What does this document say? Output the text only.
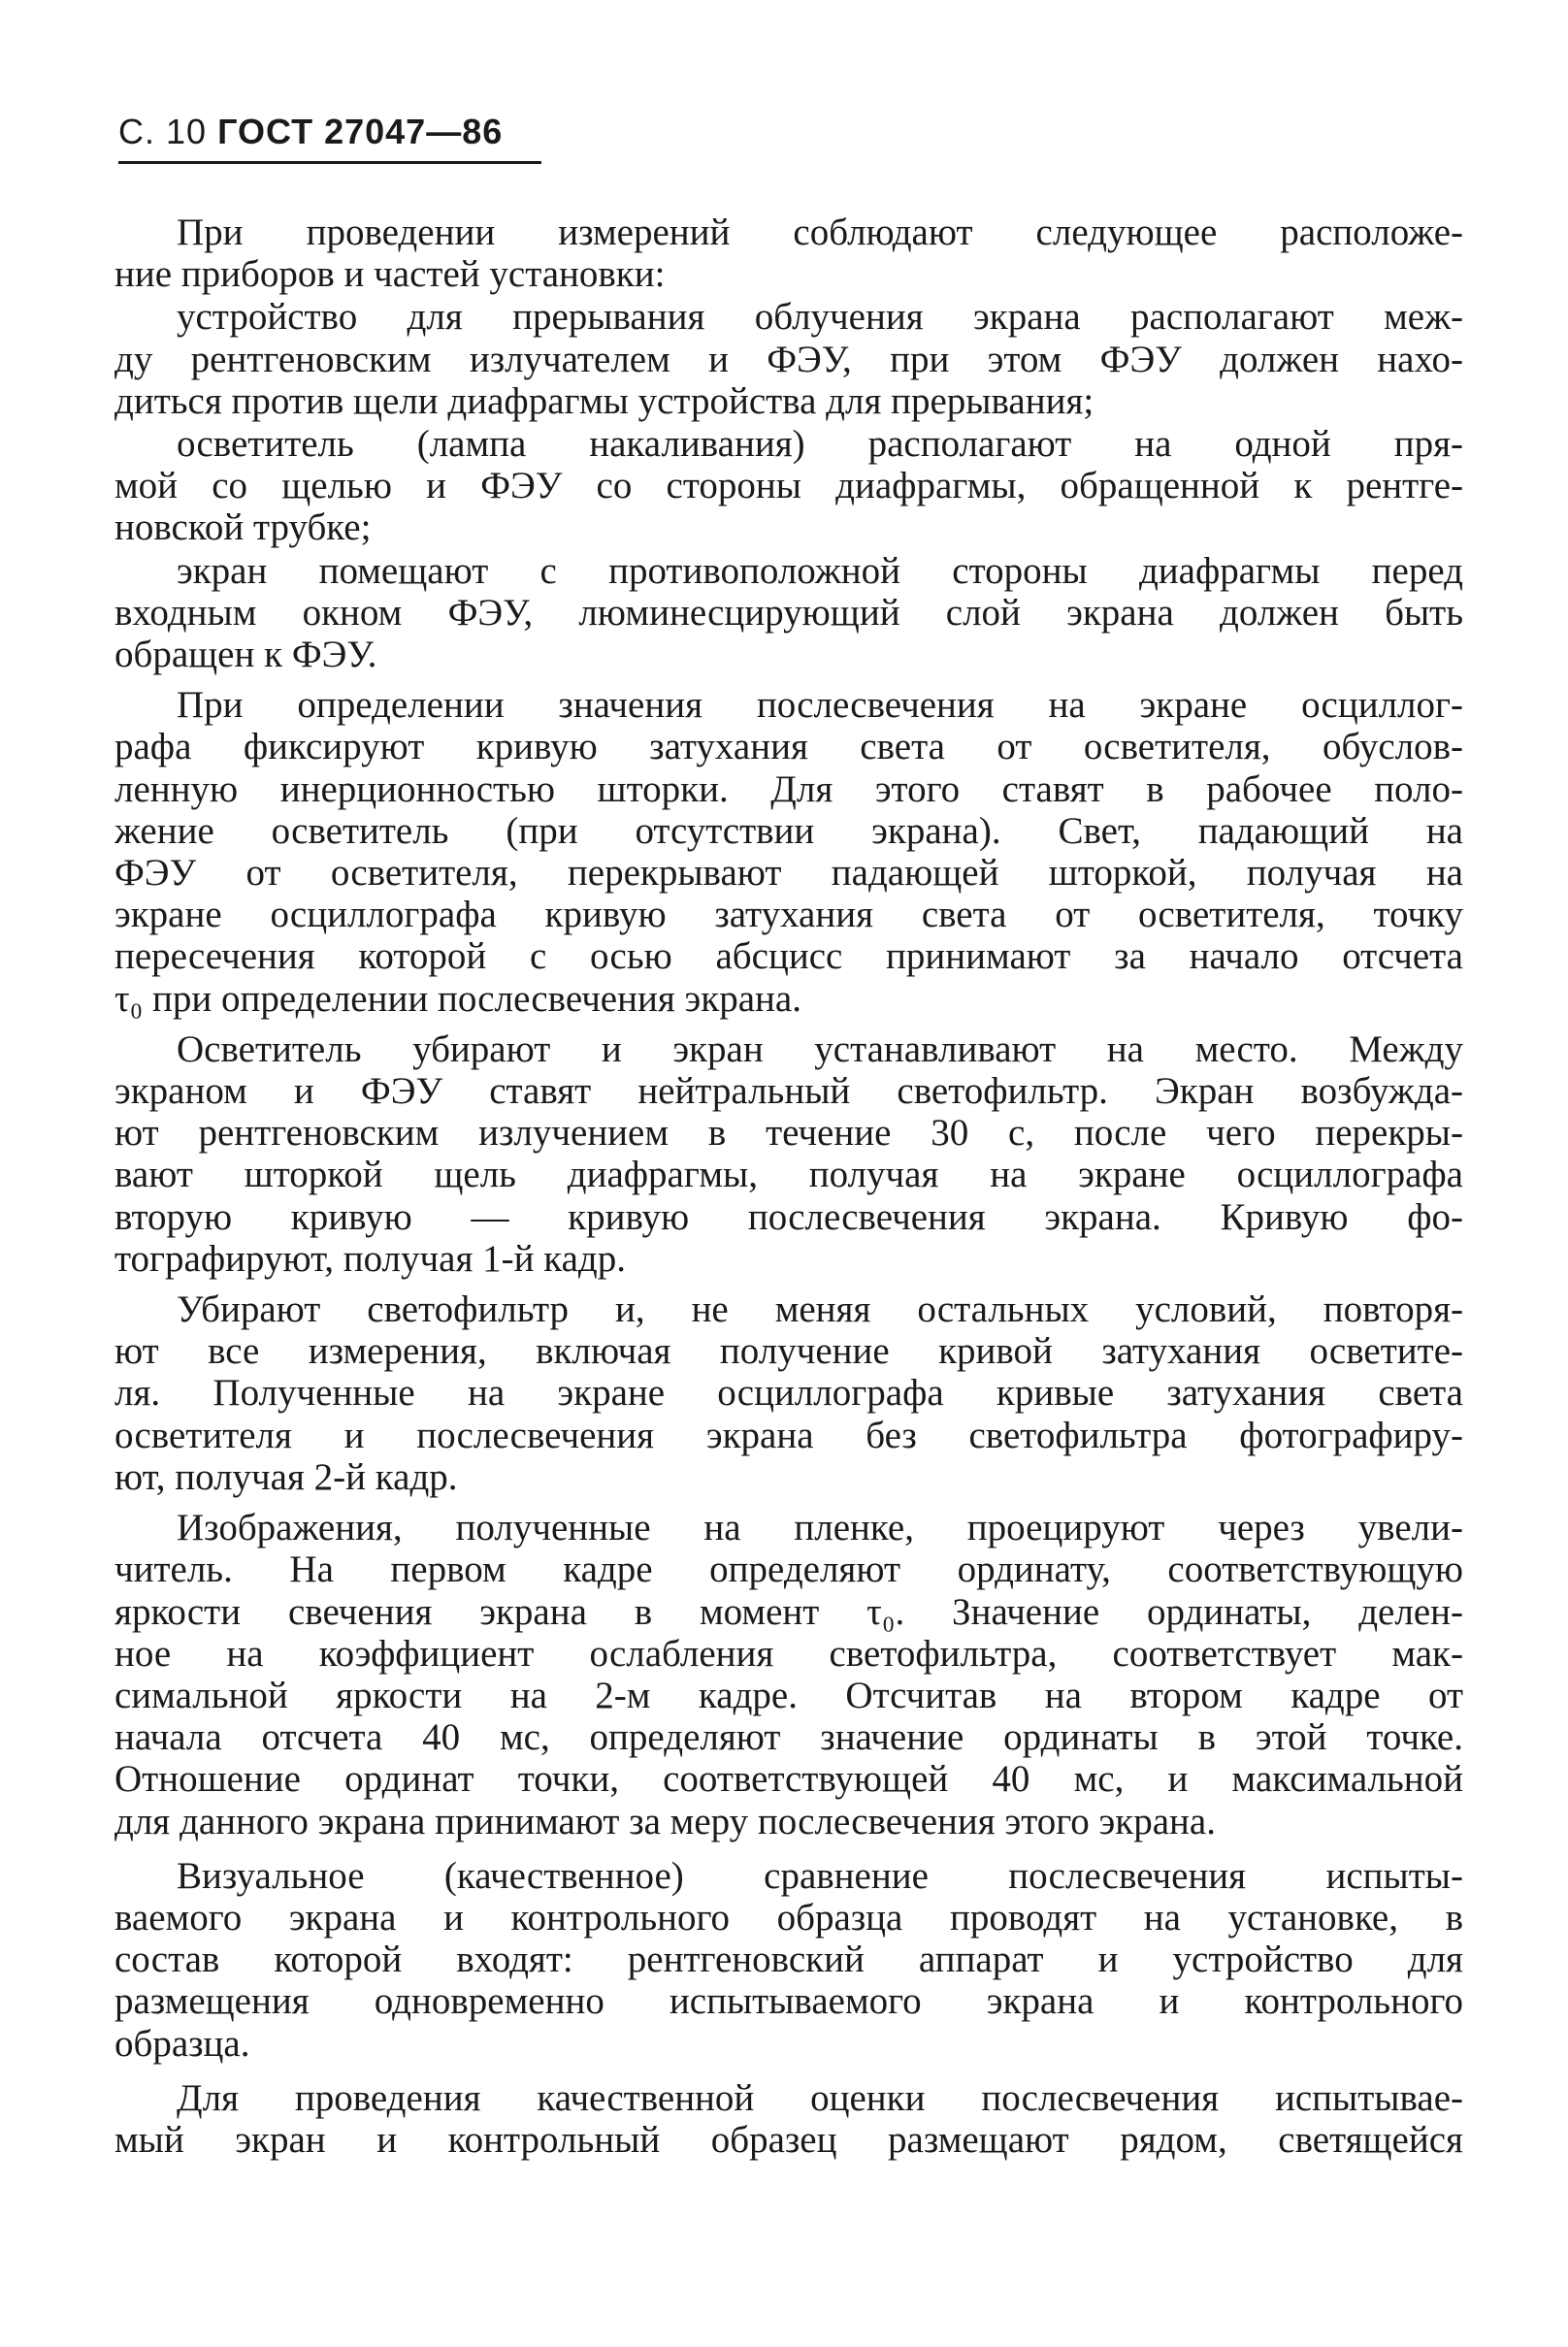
С. 10 ГОСТ 27047—86
При проведении измерений соблюдают следующее расположе-
ние приборов и частей установки:
устройство для прерывания облучения экрана располагают меж-
ду рентгеновским излучателем и ФЭУ, при этом ФЭУ должен нахо-
диться против щели диафрагмы устройства для прерывания;
осветитель (лампа накаливания) располагают на одной пря-
мой со щелью и ФЭУ со стороны диафрагмы, обращенной к рентге-
новской трубке;
экран помещают с противоположной стороны диафрагмы перед
входным окном ФЭУ, люминесцирующий слой экрана должен быть
обращен к ФЭУ.
При определении значения послесвечения на экране осциллог-
рафа фиксируют кривую затухания света от осветителя, обуслов-
ленную инерционностью шторки. Для этого ставят в рабочее поло-
жение осветитель (при отсутствии экрана). Свет, падающий на
ФЭУ от осветителя, перекрывают падающей шторкой, получая на
экране осциллографа кривую затухания света от осветителя, точку
пересечения которой с осью абсцисс принимают за начало отсчета
τ₀ при определении послесвечения экрана.
Осветитель убирают и экран устанавливают на место. Между
экраном и ФЭУ ставят нейтральный светофильтр. Экран возбужда-
ют рентгеновским излучением в течение 30 с, после чего перекры-
вают шторкой щель диафрагмы, получая на экране осциллографа
вторую кривую — кривую послесвечения экрана. Кривую фо-
тографируют, получая 1-й кадр.
Убирают светофильтр и, не меняя остальных условий, повторя-
ют все измерения, включая получение кривой затухания осветите-
ля. Полученные на экране осциллографа кривые затухания света
осветителя и послесвечения экрана без светофильтра фотографиру-
ют, получая 2-й кадр.
Изображения, полученные на пленке, проецируют через увели-
читель. На первом кадре определяют ординату, соответствующую
яркости свечения экрана в момент τ₀. Значение ординаты, делен-
ное на коэффициент ослабления светофильтра, соответствует мак-
симальной яркости на 2-м кадре. Отсчитав на втором кадре от
начала отсчета 40 мс, определяют значение ординаты в этой точке.
Отношение ординат точки, соответствующей 40 мс, и максимальной
для данного экрана принимают за меру послесвечения этого экрана.
Визуальное (качественное) сравнение послесвечения испыты-
ваемого экрана и контрольного образца проводят на установке, в
состав которой входят: рентгеновский аппарат и устройство для
размещения одновременно испытываемого экрана и контрольного
образца.
Для проведения качественной оценки послесвечения испытывае-
мый экран и контрольный образец размещают рядом, светящейся
